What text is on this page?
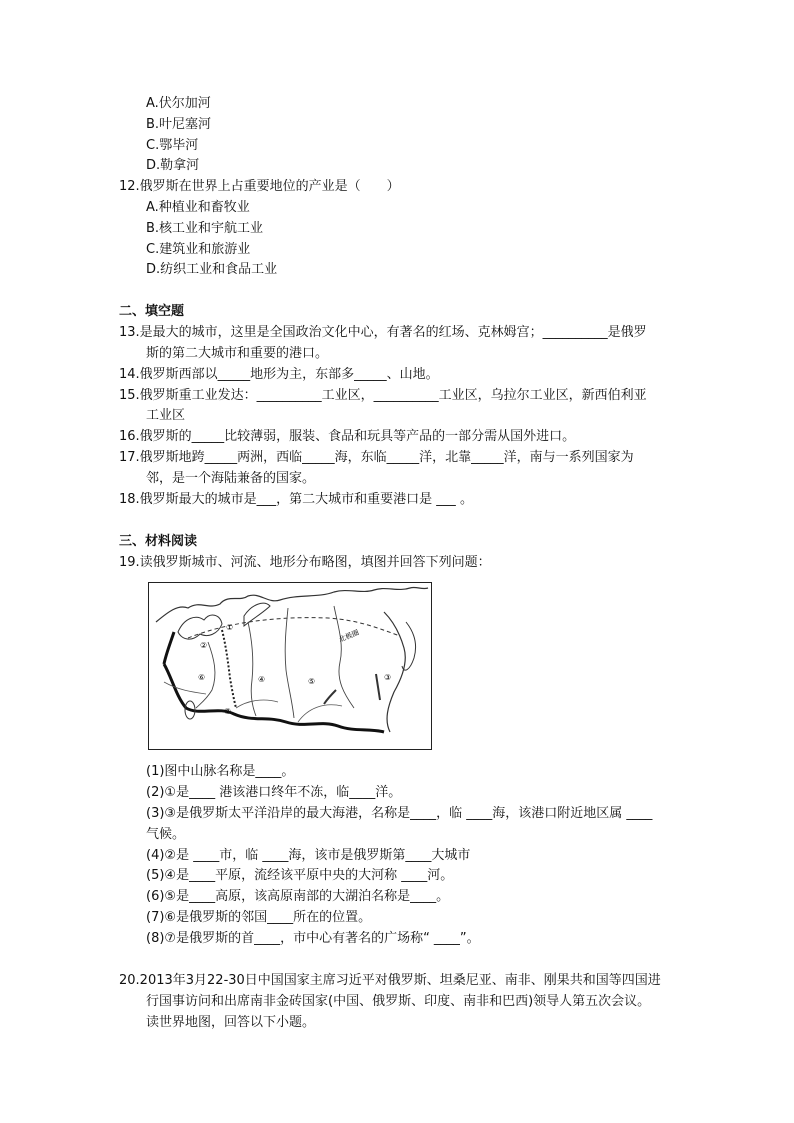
A.伏尔加河
B.叶尼塞河
C.鄂毕河
D.勒拿河
12.俄罗斯在世界上占重要地位的产业是（　　）
A.种植业和畜牧业
B.核工业和宇航工业
C.建筑业和旅游业
D.纺织工业和食品工业
二、填空题
13.是最大的城市，这里是全国政治文化中心，有著名的红场、克林姆宫；__________是俄罗
斯的第二大城市和重要的港口。
14.俄罗斯西部以_____地形为主，东部多_____、山地。
15.俄罗斯重工业发达：__________工业区，__________工业区，乌拉尔工业区，新西伯利亚
工业区
16.俄罗斯的_____比较薄弱，服装、食品和玩具等产品的一部分需从国外进口。
17.俄罗斯地跨_____两洲，西临_____海，东临_____洋，北靠_____洋，南与一系列国家为
邻，是一个海陆兼备的国家。
18.俄罗斯最大的城市是___，第二大城市和重要港口是 ___ 。
三、材料阅读
19.读俄罗斯城市、河流、地形分布略图，填图并回答下列问题：
①
②
③
④	⑤
⑥
⑦
北极圈
(1)图中山脉名称是____。
(2)①是____ 港该港口终年不冻，临____洋。
(3)③是俄罗斯太平洋沿岸的最大海港，名称是____，临 ____海，该港口附近地区属 ____
气候。
(4)②是 ____市，临 ____海，该市是俄罗斯第____大城市
(5)④是____平原，流经该平原中央的大河称 ____河。
(6)⑤是____高原，该高原南部的大湖泊名称是____。
(7)⑥是俄罗斯的邻国____所在的位置。
(8)⑦是俄罗斯的首____，市中心有著名的广场称“ ____”。
20.2013年3月22-30日中国国家主席习近平对俄罗斯、坦桑尼亚、南非、刚果共和国等四国进
行国事访问和出席南非金砖国家(中国、俄罗斯、印度、南非和巴西)领导人第五次会议。
读世界地图，回答以下小题。
